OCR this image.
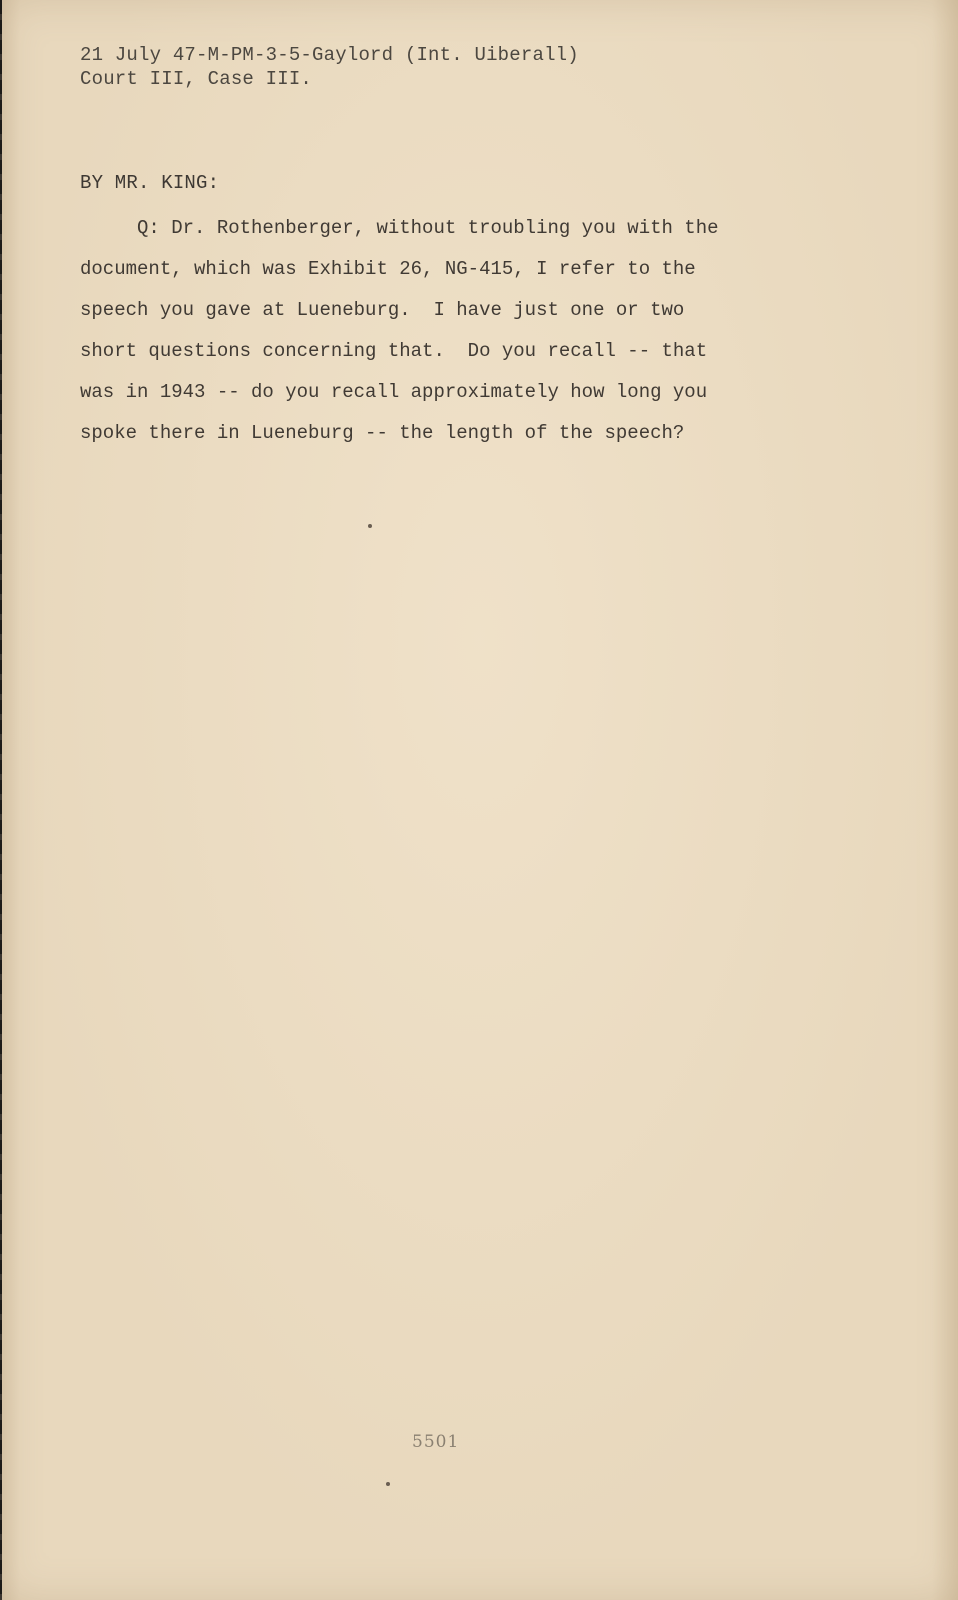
21 July 47-M-PM-3-5-Gaylord (Int. Uiberall)
Court III, Case III.
BY MR. KING:
Q: Dr. Rothenberger, without troubling you with the
document, which was Exhibit 26, NG-415, I refer to the
speech you gave at Lueneburg.  I have just one or two
short questions concerning that.  Do you recall -- that
was in 1943 -- do you recall approximately how long you
spoke there in Lueneburg -- the length of the speech?
5501
